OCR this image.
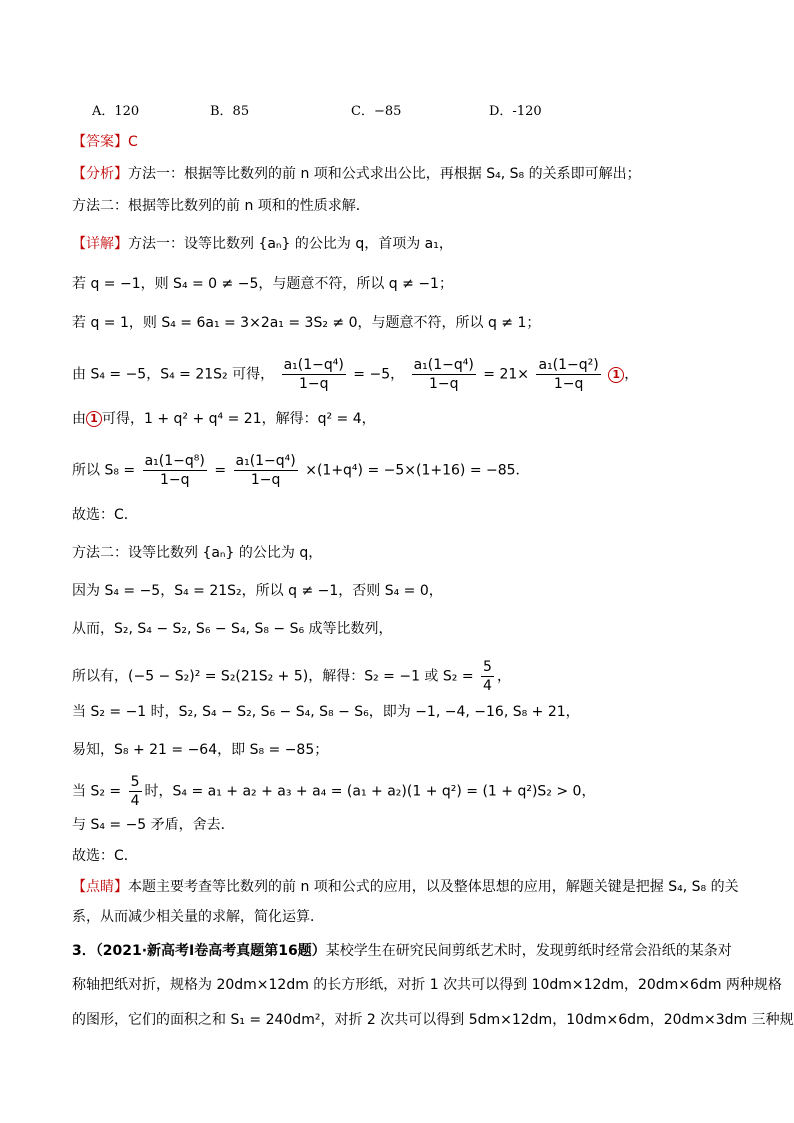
A．120	B．85	C．−85	D．-120
【答案】C
【分析】方法一：根据等比数列的前 n 项和公式求出公比，再根据 S₄, S₈ 的关系即可解出；
方法二：根据等比数列的前 n 项和的性质求解．
【详解】方法一：设等比数列 {aₙ} 的公比为 q，首项为 a₁，
若 q = −1，则 S₄ = 0 ≠ −5，与题意不符，所以 q ≠ −1；
若 q = 1，则 S₄ = 6a₁ = 3×2a₁ = 3S₂ ≠ 0，与题意不符，所以 q ≠ 1；
由 S₄ = −5，S₄ = 21S₂ 可得， $\frac{\text{a₁(1−q⁴)}}{1-q} = -5$， $\frac{\text{a₁(1−q⁴)}}{1-q} = 21\times \frac{\text{a₁(1−q²)}}{1-q} 1$ ，
由 1 可得，1 + q² + q⁴ = 21，解得：q² = 4，
所以 $S_8 = \frac{\text{a₁(1−q⁸)}}{1-q} = \frac{\text{a₁(1−q⁴)}}{1-q} \times(1+q^4) = -5\times(1+16) = -85$．
故选：C．
方法二：设等比数列 {aₙ} 的公比为 q，
因为 S₄ = −5，S₄ = 21S₂，所以 q ≠ −1，否则 S₄ = 0，
从而，S₂, S₄ − S₂, S₆ − S₄, S₈ − S₆ 成等比数列，
所以有，(−5 − S₂)² = S₂(21S₂ + 5)，解得：S₂ = −1 或 $S_2 = \frac{5}{4}$ ，
当 S₂ = −1 时，S₂, S₄ − S₂, S₆ − S₄, S₈ − S₆，即为 −1, −4, −16, S₈ + 21，
易知，S₈ + 21 = −64，即 S₈ = −85；
当 $S_2 = \frac{5}{4}$ 时，S₄ = a₁ + a₂ + a₃ + a₄ = (a₁ + a₂)(1 + q²) = (1 + q²)S₂ > 0，
与 S₄ = −5 矛盾，舍去．
故选：C．
【点睛】本题主要考查等比数列的前 n 项和公式的应用，以及整体思想的应用，解题关键是把握 S₄, S₈ 的关
系，从而减少相关量的求解，简化运算．
3．（2021·新高考Ⅰ卷高考真题第16题）某校学生在研究民间剪纸艺术时，发现剪纸时经常会沿纸的某条对
称轴把纸对折，规格为 20dm×12dm 的长方形纸，对折 1 次共可以得到 10dm×12dm，20dm×6dm 两种规格
的图形，它们的面积之和 S₁ = 240dm²，对折 2 次共可以得到 5dm×12dm，10dm×6dm，20dm×3dm 三种规
